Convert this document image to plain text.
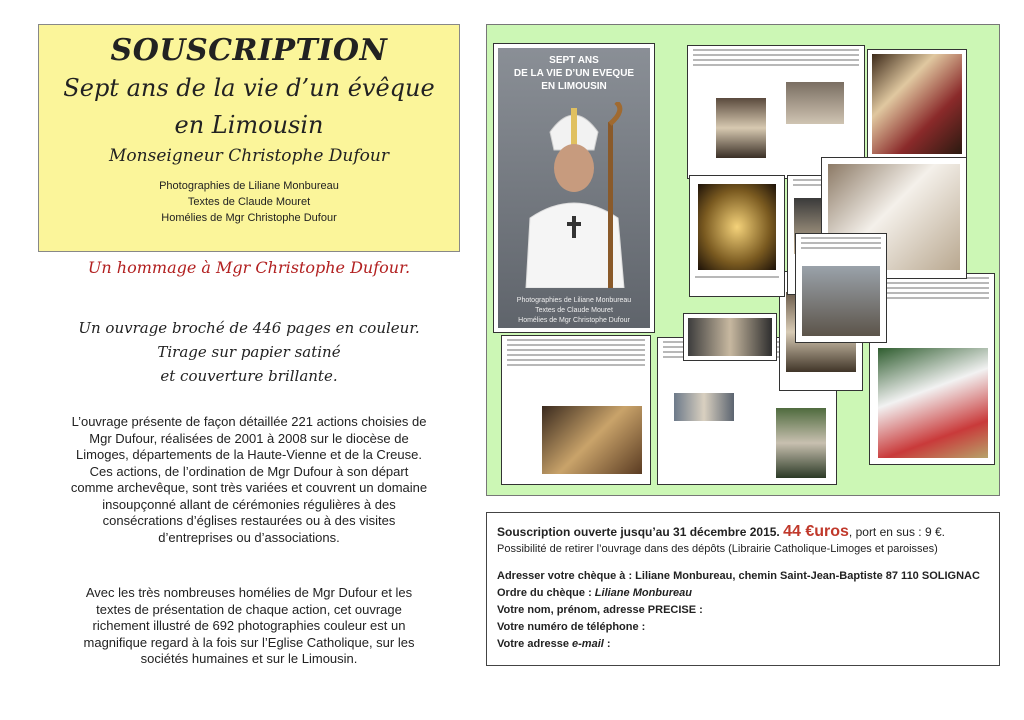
SOUSCRIPTION
Sept ans de la vie d’un évêque
en Limousin
Monseigneur Christophe Dufour
Photographies de Liliane Monbureau
Textes de Claude Mouret
Homélies de Mgr Christophe Dufour
Un hommage à Mgr Christophe Dufour.
Un ouvrage broché de 446 pages en couleur.
Tirage sur papier satiné
et couverture brillante.
L’ouvrage présente de façon détaillée 221 actions choisies de
Mgr Dufour, réalisées de 2001 à 2008 sur le diocèse de
Limoges, départements de la Haute-Vienne et de la Creuse.
Ces actions, de l’ordination de Mgr Dufour à son départ
comme archevêque, sont très variées et couvrent un domaine
insoupçonné allant de cérémonies régulières à des
consécrations d’églises restaurées ou à des visites
d’entreprises ou d’associations.
Avec les très nombreuses homélies de Mgr Dufour et les
textes de présentation de chaque action, cet ouvrage
richement illustré de 692 photographies couleur est un
magnifique regard à la fois sur l’Eglise Catholique, sur les
sociétés humaines et sur le Limousin.
SEPT ANS
DE LA VIE D’UN EVEQUE
EN LIMOUSIN
Photographies de Liliane Monbureau
Textes de Claude Mouret
Homélies de Mgr Christophe Dufour
Souscription ouverte jusqu’au 31 décembre 2015. 44 €uros, port en sus : 9 €.
Possibilité de retirer l’ouvrage dans des dépôts (Librairie Catholique-Limoges et paroisses)
Adresser votre chèque à : Liliane Monbureau, chemin Saint-Jean-Baptiste 87 110 SOLIGNAC
Ordre du chèque : Liliane Monbureau
Votre nom, prénom, adresse PRECISE :
Votre numéro de téléphone :
Votre adresse e-mail :
